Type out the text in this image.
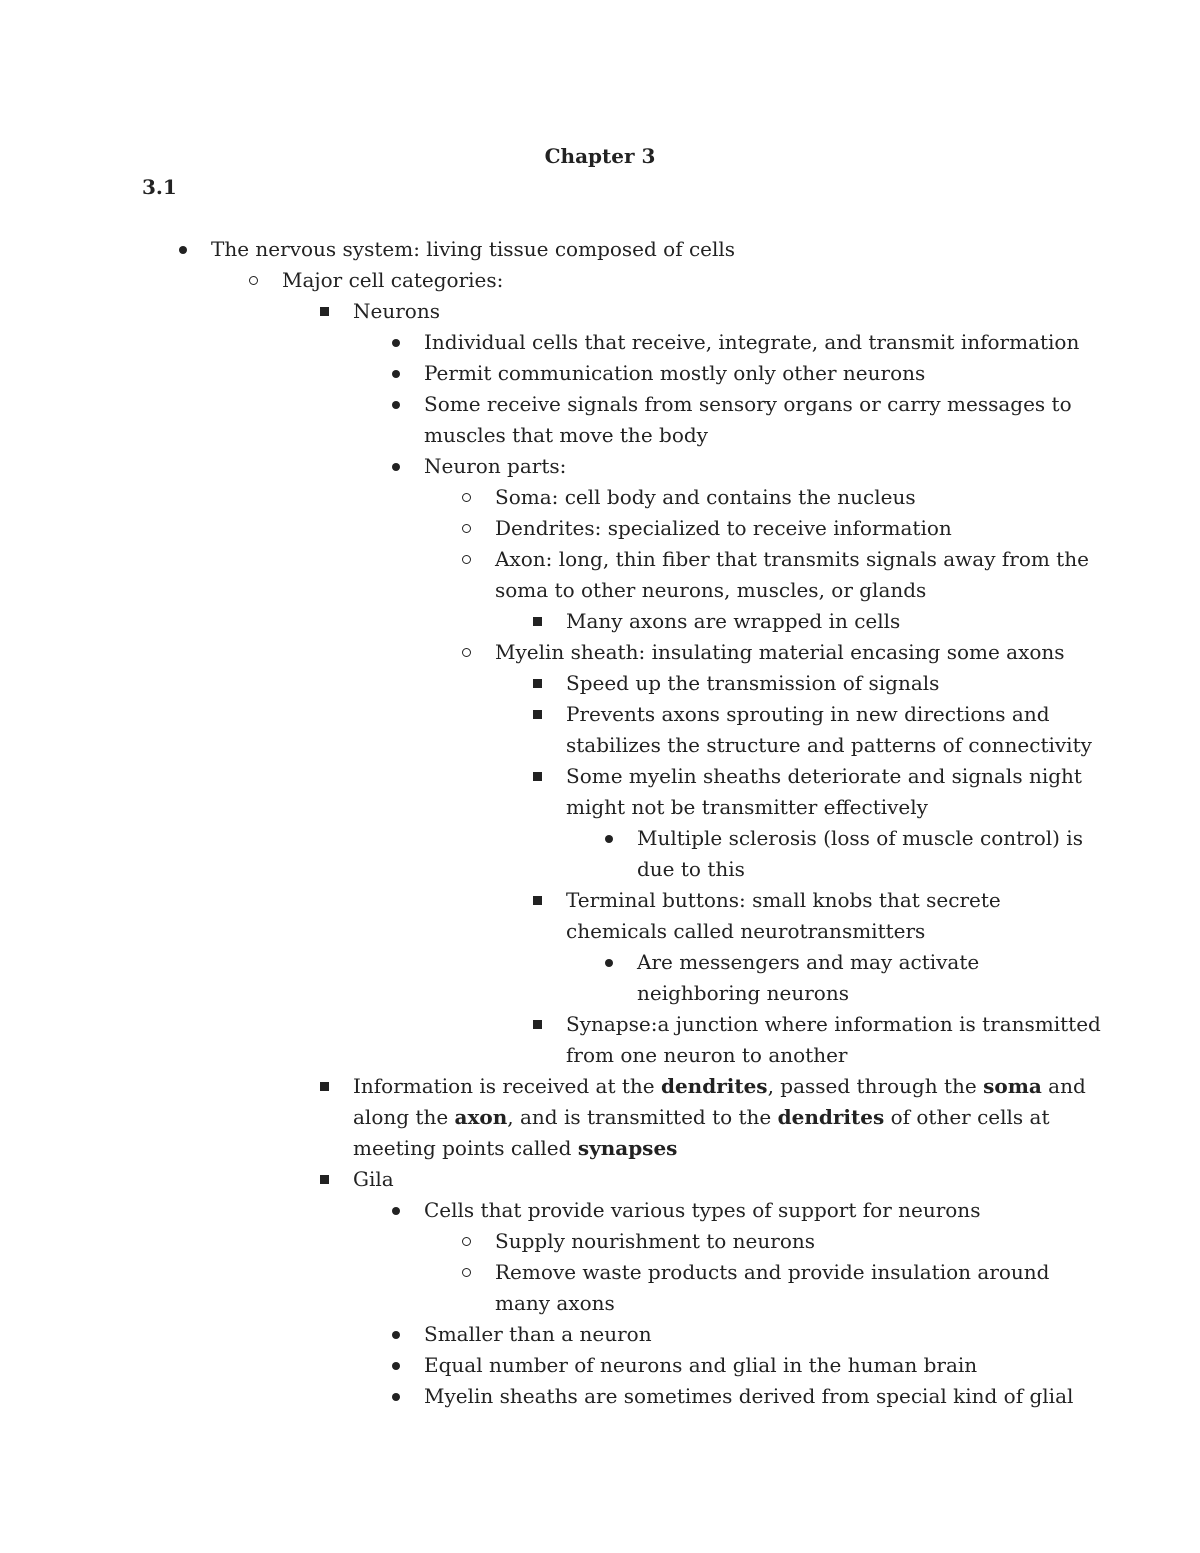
Chapter 3
3.1
The nervous system: living tissue composed of cells
Major cell categories:
Neurons
Individual cells that receive, integrate, and transmit information
Permit communication mostly only other neurons
Some receive signals from sensory organs or carry messages to
muscles that move the body
Neuron parts:
Soma: cell body and contains the nucleus
Dendrites: specialized to receive information
Axon: long, thin fiber that transmits signals away from the
soma to other neurons, muscles, or glands
Many axons are wrapped in cells
Myelin sheath: insulating material encasing some axons
Speed up the transmission of signals
Prevents axons sprouting in new directions and
stabilizes the structure and patterns of connectivity
Some myelin sheaths deteriorate and signals night
might not be transmitter effectively
Multiple sclerosis (loss of muscle control) is
due to this
Terminal buttons: small knobs that secrete
chemicals called neurotransmitters
Are messengers and may activate
neighboring neurons
Synapse:a junction where information is transmitted
from one neuron to another
Information is received at the dendrites, passed through the soma and
along the axon, and is transmitted to the dendrites of other cells at
meeting points called synapses
Gila
Cells that provide various types of support for neurons
Supply nourishment to neurons
Remove waste products and provide insulation around
many axons
Smaller than a neuron
Equal number of neurons and glial in the human brain
Myelin sheaths are sometimes derived from special kind of glial
